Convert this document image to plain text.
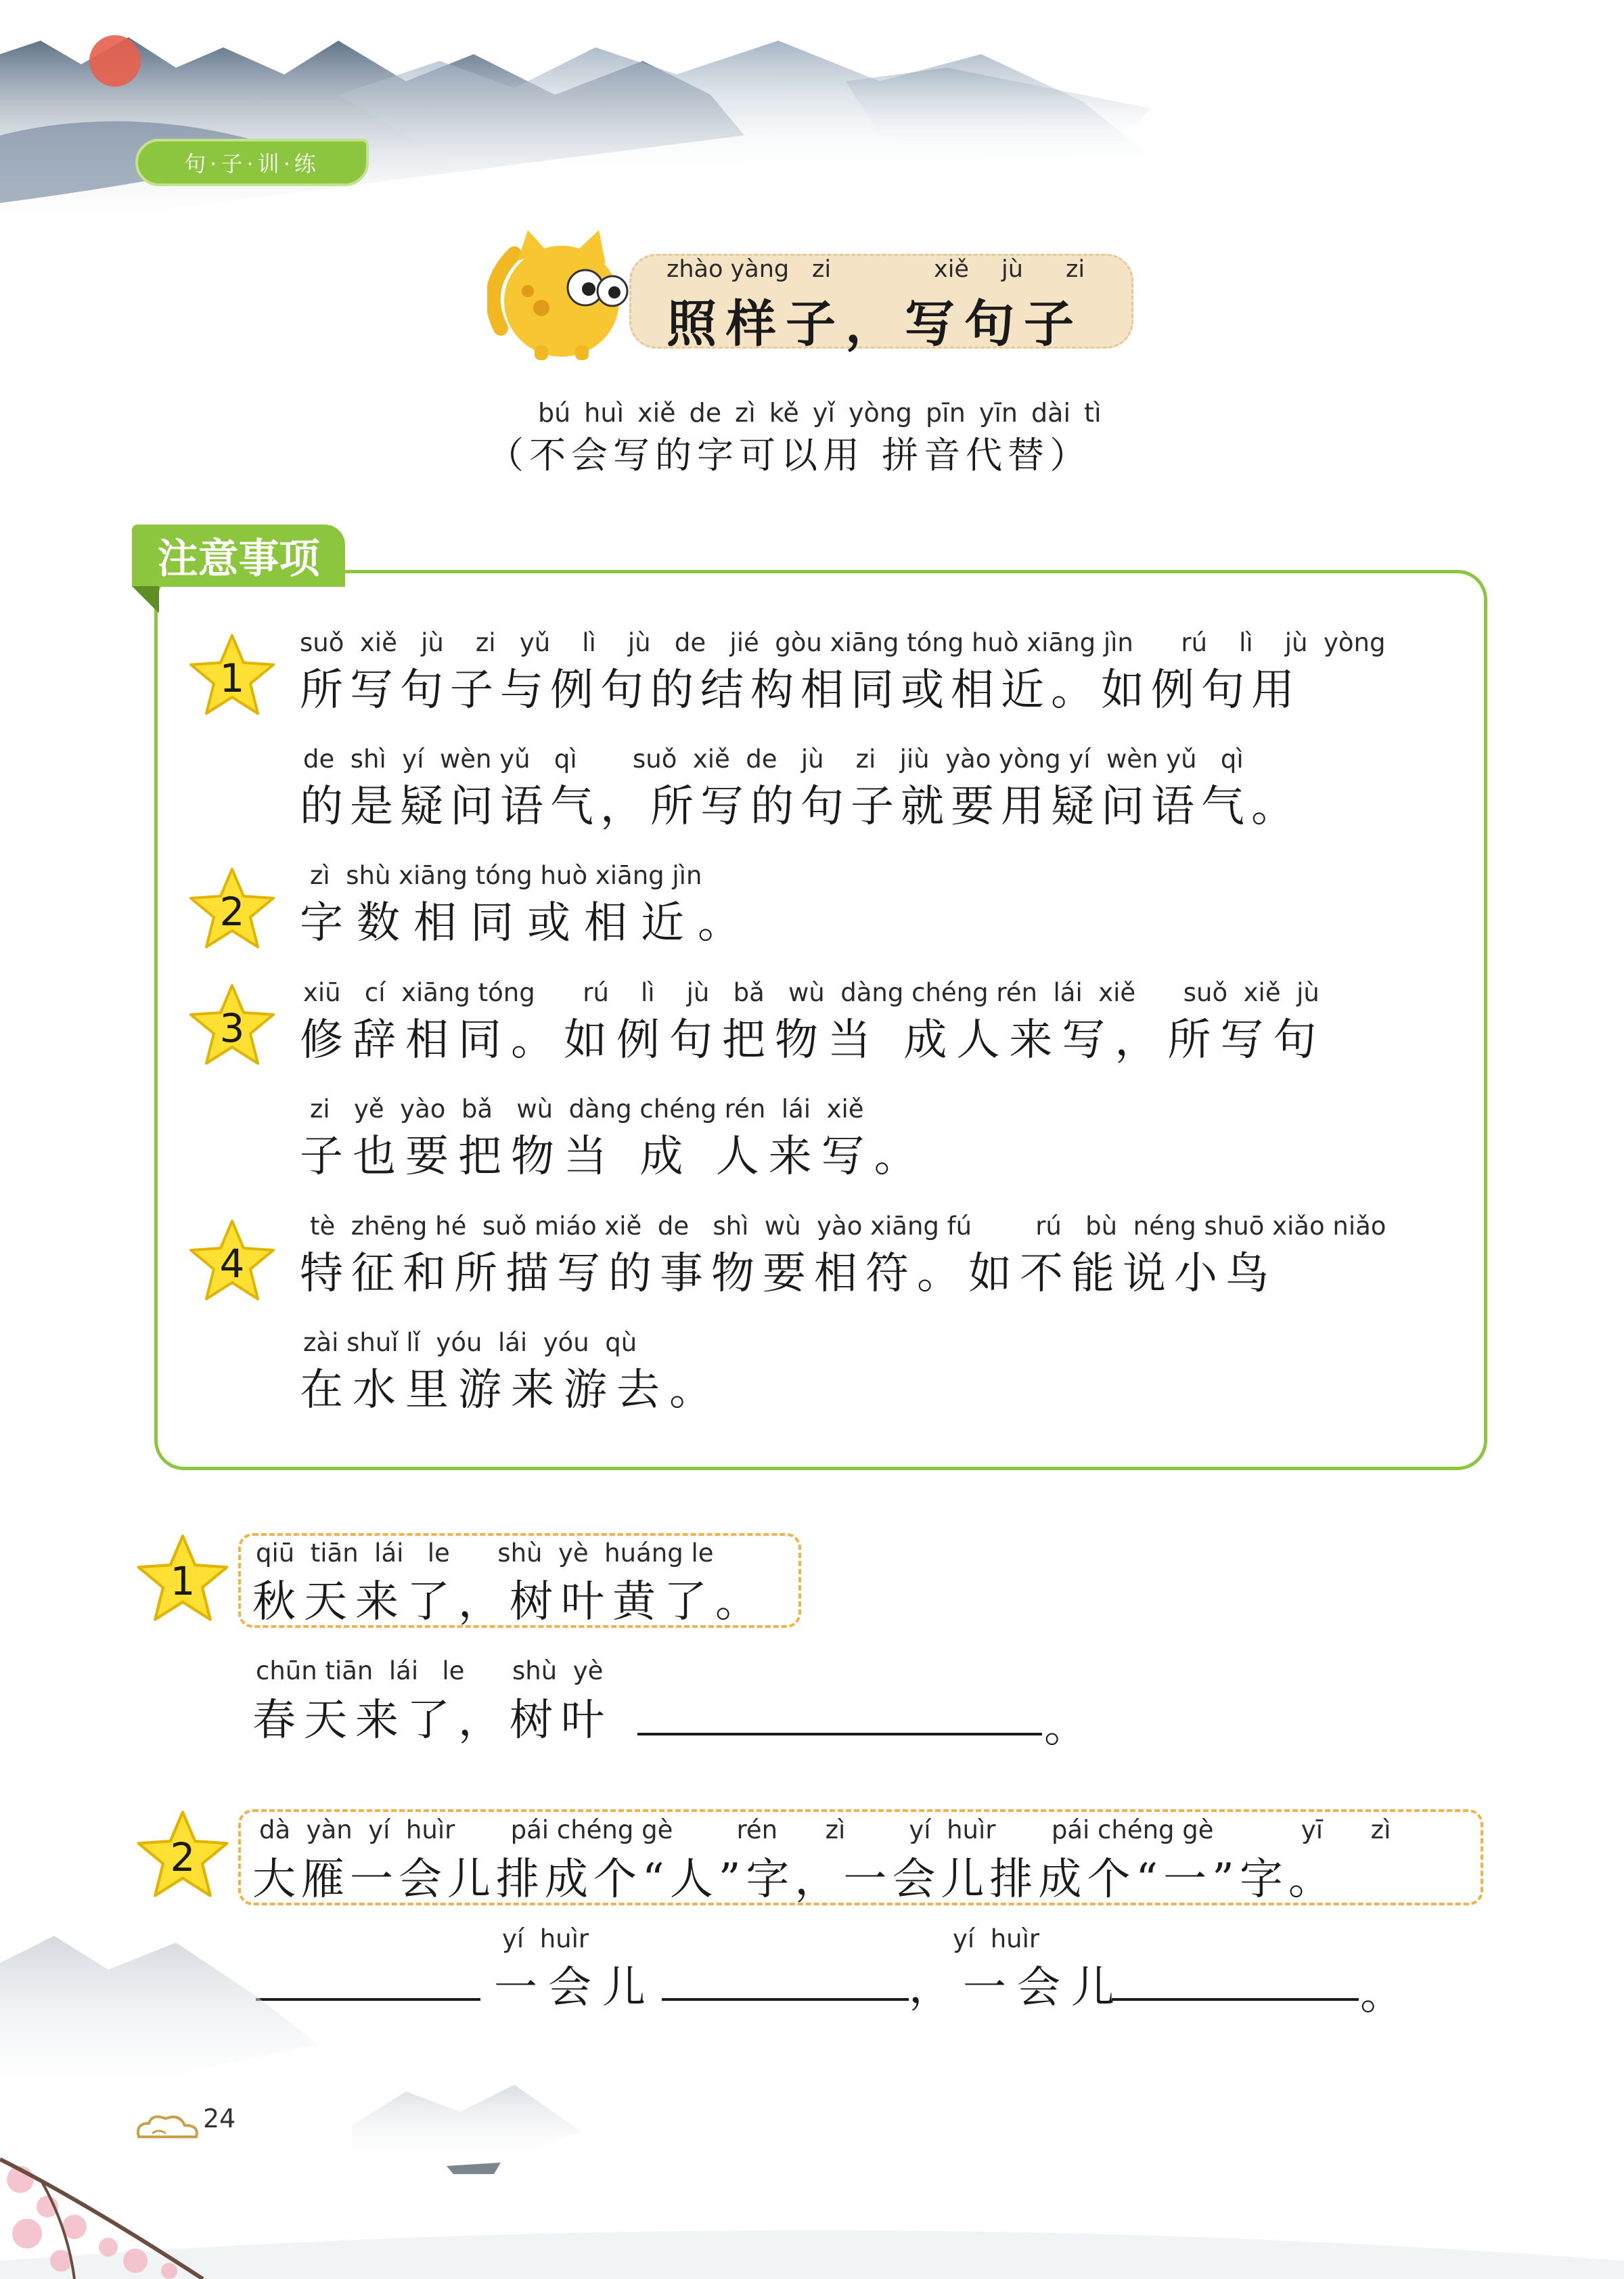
句·子·训·练
zhào yàng zi	xiě jù zi
照样子，写句子
bú huì xiě de zì kě yǐ yòng pīn yīn dài tì
（不会写的字可以用 拼音代替）
注意事项
1
suǒ  xiě   jù    zi   yǔ    lì    jù   de   jié  gòu xiāng tóng huò xiāng jìn      rú    lì    jù  yòng
所写句子与例句的结构相同或相近。如例句用
de  shì  yí  wèn yǔ   qì       suǒ  xiě  de   jù    zi   jiù  yào yòng yí  wèn yǔ   qì
的是疑问语气，所写的句子就要用疑问语气。
2
zì  shù xiāng tóng huò xiāng jìn
字数相同或相近。
3
xiū   cí  xiāng tóng      rú    lì    jù   bǎ   wù  dàng chéng rén  lái  xiě      suǒ  xiě  jù
修辞相同。如例句把物当 成人来写，所写句
zi   yě  yào  bǎ   wù  dàng chéng rén  lái  xiě
子也要把物当 成 人来写。
4
tè  zhēng hé  suǒ miáo xiě  de   shì  wù  yào xiāng fú        rú   bù  néng shuō xiǎo niǎo
特征和所描写的事物要相符。如不能说小鸟
zài shuǐ lǐ  yóu  lái  yóu  qù
在水里游来游去。
1
qiū  tiān  lái   le      shù  yè  huáng le
秋天来了，树叶黄了。
chūn tiān  lái   le      shù  yè
春天来了，树叶	。
2
dà  yàn  yí  huìr       pái chéng gè        rén      zì        yí  huìr       pái chéng gè           yī      zì
大雁一会儿排成个“人”字，一会儿排成个“一”字。
yí  huìr
一会儿
yí  huìr
，一会儿	。
24
